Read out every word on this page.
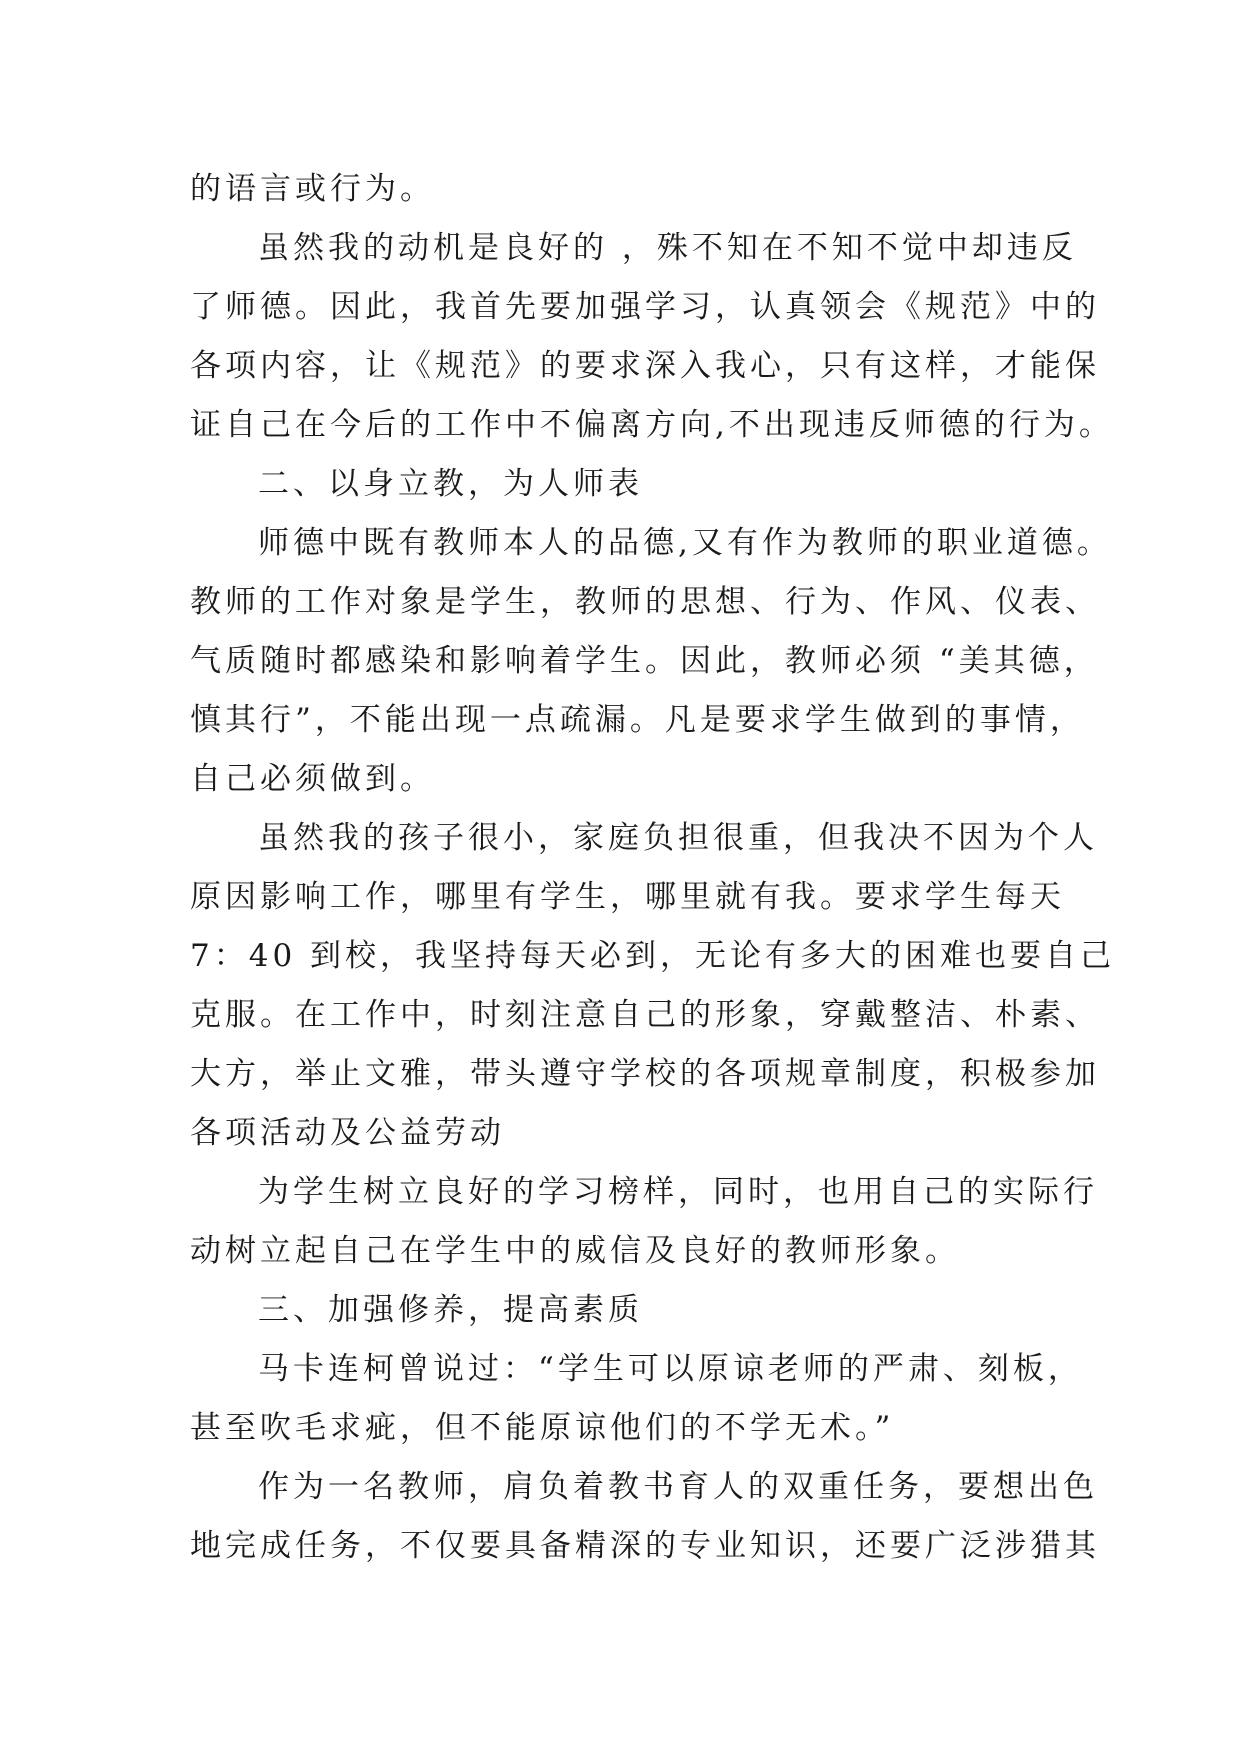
的语言或行为。
虽然我的动机是良好的 ，殊不知在不知不觉中却违反
了师德。因此，我首先要加强学习，认真领会《规范》中的
各项内容，让《规范》的要求深入我心，只有这样，才能保
证自己在今后的工作中不偏离方向,不出现违反师德的行为。
二、以身立教，为人师表
师德中既有教师本人的品德,又有作为教师的职业道德。
教师的工作对象是学生，教师的思想、行为、作风、仪表、
气质随时都感染和影响着学生。因此，教师必须 “美其德，
慎其行”，不能出现一点疏漏。凡是要求学生做到的事情，
自己必须做到。
虽然我的孩子很小，家庭负担很重，但我决不因为个人
原因影响工作，哪里有学生，哪里就有我。要求学生每天
7：40 到校，我坚持每天必到，无论有多大的困难也要自己
克服。在工作中，时刻注意自己的形象，穿戴整洁、朴素、
大方，举止文雅，带头遵守学校的各项规章制度，积极参加
各项活动及公益劳动
为学生树立良好的学习榜样，同时，也用自己的实际行
动树立起自己在学生中的威信及良好的教师形象。
三、加强修养，提高素质
马卡连柯曾说过：“学生可以原谅老师的严肃、刻板，
甚至吹毛求疵，但不能原谅他们的不学无术。”
作为一名教师，肩负着教书育人的双重任务，要想出色
地完成任务，不仅要具备精深的专业知识，还要广泛涉猎其
